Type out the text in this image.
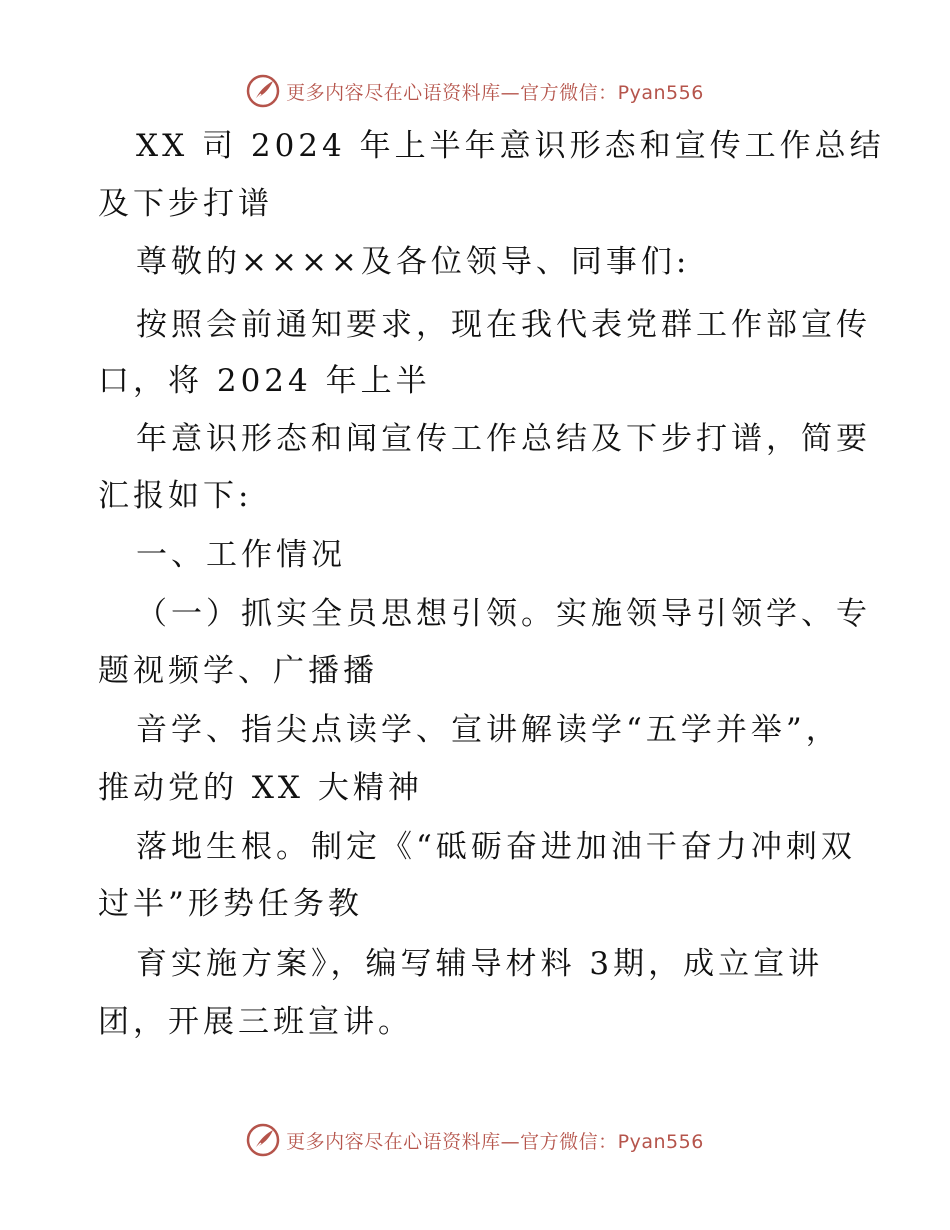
更多内容尽在心语资料库—官方微信：Pyan556
XX 司 2024 年上半年意识形态和宣传工作总结
及下步打谱
尊敬的××××及各位领导、同事们:
按照会前通知要求，现在我代表党群工作部宣传
口，将 2024 年上半
年意识形态和闻宣传工作总结及下步打谱，简要
汇报如下:
一、工作情况
（一）抓实全员思想引领。实施领导引领学、专
题视频学、广播播
音学、指尖点读学、宣讲解读学“五学并举”，
推动党的 XX 大精神
落地生根。制定《“砥砺奋进加油干奋力冲刺双
过半”形势任务教
育实施方案》，编写辅导材料 3期，成立宣讲
团，开展三班宣讲。
更多内容尽在心语资料库—官方微信：Pyan556
